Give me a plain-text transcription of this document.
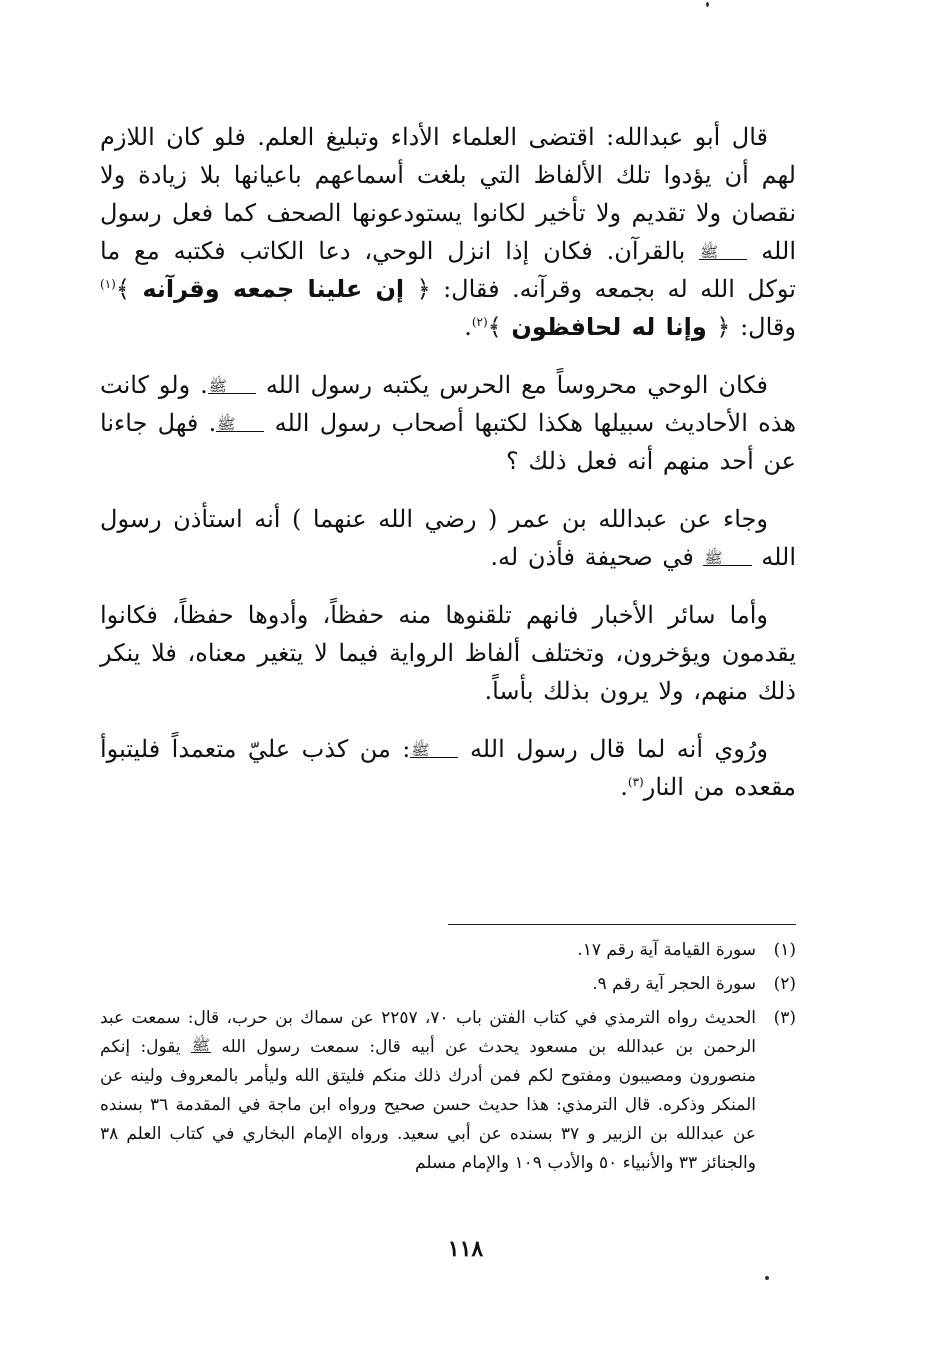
قال أبو عبدالله: اقتضى العلماء الأداء وتبليغ العلم. فلو كان اللازم لهم أن يؤدوا تلك الألفاظ التي بلغت أسماعهم باعيانها بلا زيادة ولا نقصان ولا تقديم ولا تأخير لكانوا يستودعونها الصحف كما فعل رسول الله ﷺ بالقرآن. فكان إذا انزل الوحي، دعا الكاتب فكتبه مع ما توكل الله له بجمعه وقرآنه. فقال: ﴿ إن علينا جمعه وقرآنه ﴾$^{(١)}$ وقال: ﴿ وإنا له لحافظون ﴾$^{(٢)}$.

فكان الوحي محروساً مع الحرس يكتبه رسول الله ﷺ. ولو كانت هذه الأحاديث سبيلها هكذا لكتبها أصحاب رسول الله ﷺ. فهل جاءنا عن أحد منهم أنه فعل ذلك ؟

وجاء عن عبدالله بن عمر ( رضي الله عنهما ) أنه استأذن رسول الله ﷺ في صحيفة فأذن له.

وأما سائر الأخبار فانهم تلقنوها منه حفظاً، وأدوها حفظاً، فكانوا يقدمون ويؤخرون، وتختلف ألفاظ الرواية فيما لا يتغير معناه، فلا ينكر ذلك منهم، ولا يرون بذلك بأساً.

ورُوي أنه لما قال رسول الله ﷺ: من كذب عليّ متعمداً فليتبوأ مقعده من النار$^{(٣)}$.

(١)
سورة القيامة آية رقم ١٧.
(٢)
سورة الحجر آية رقم ٩.
(٣)
الحديث رواه الترمذي في كتاب الفتن باب ٧٠، ٢٢٥٧ عن سماك بن حرب، قال: سمعت عبد الرحمن بن عبدالله بن مسعود يحدث عن أبيه قال: سمعت رسول الله ﷺ يقول: إنكم منصورون ومصيبون ومفتوح لكم فمن أدرك ذلك منكم فليتق الله وليأمر بالمعروف ولينه عن المنكر وذكره. قال الترمذي: هذا حديث حسن صحيح ورواه ابن ماجة في المقدمة ٣٦ بسنده عن عبدالله بن الزبير و ٣٧ بسنده عن أبي سعيد. ورواه الإمام البخاري في كتاب العلم ٣٨ والجنائز ٣٣ والأنبياء ٥٠ والأدب ١٠٩ والإمام مسلم
١١٨
